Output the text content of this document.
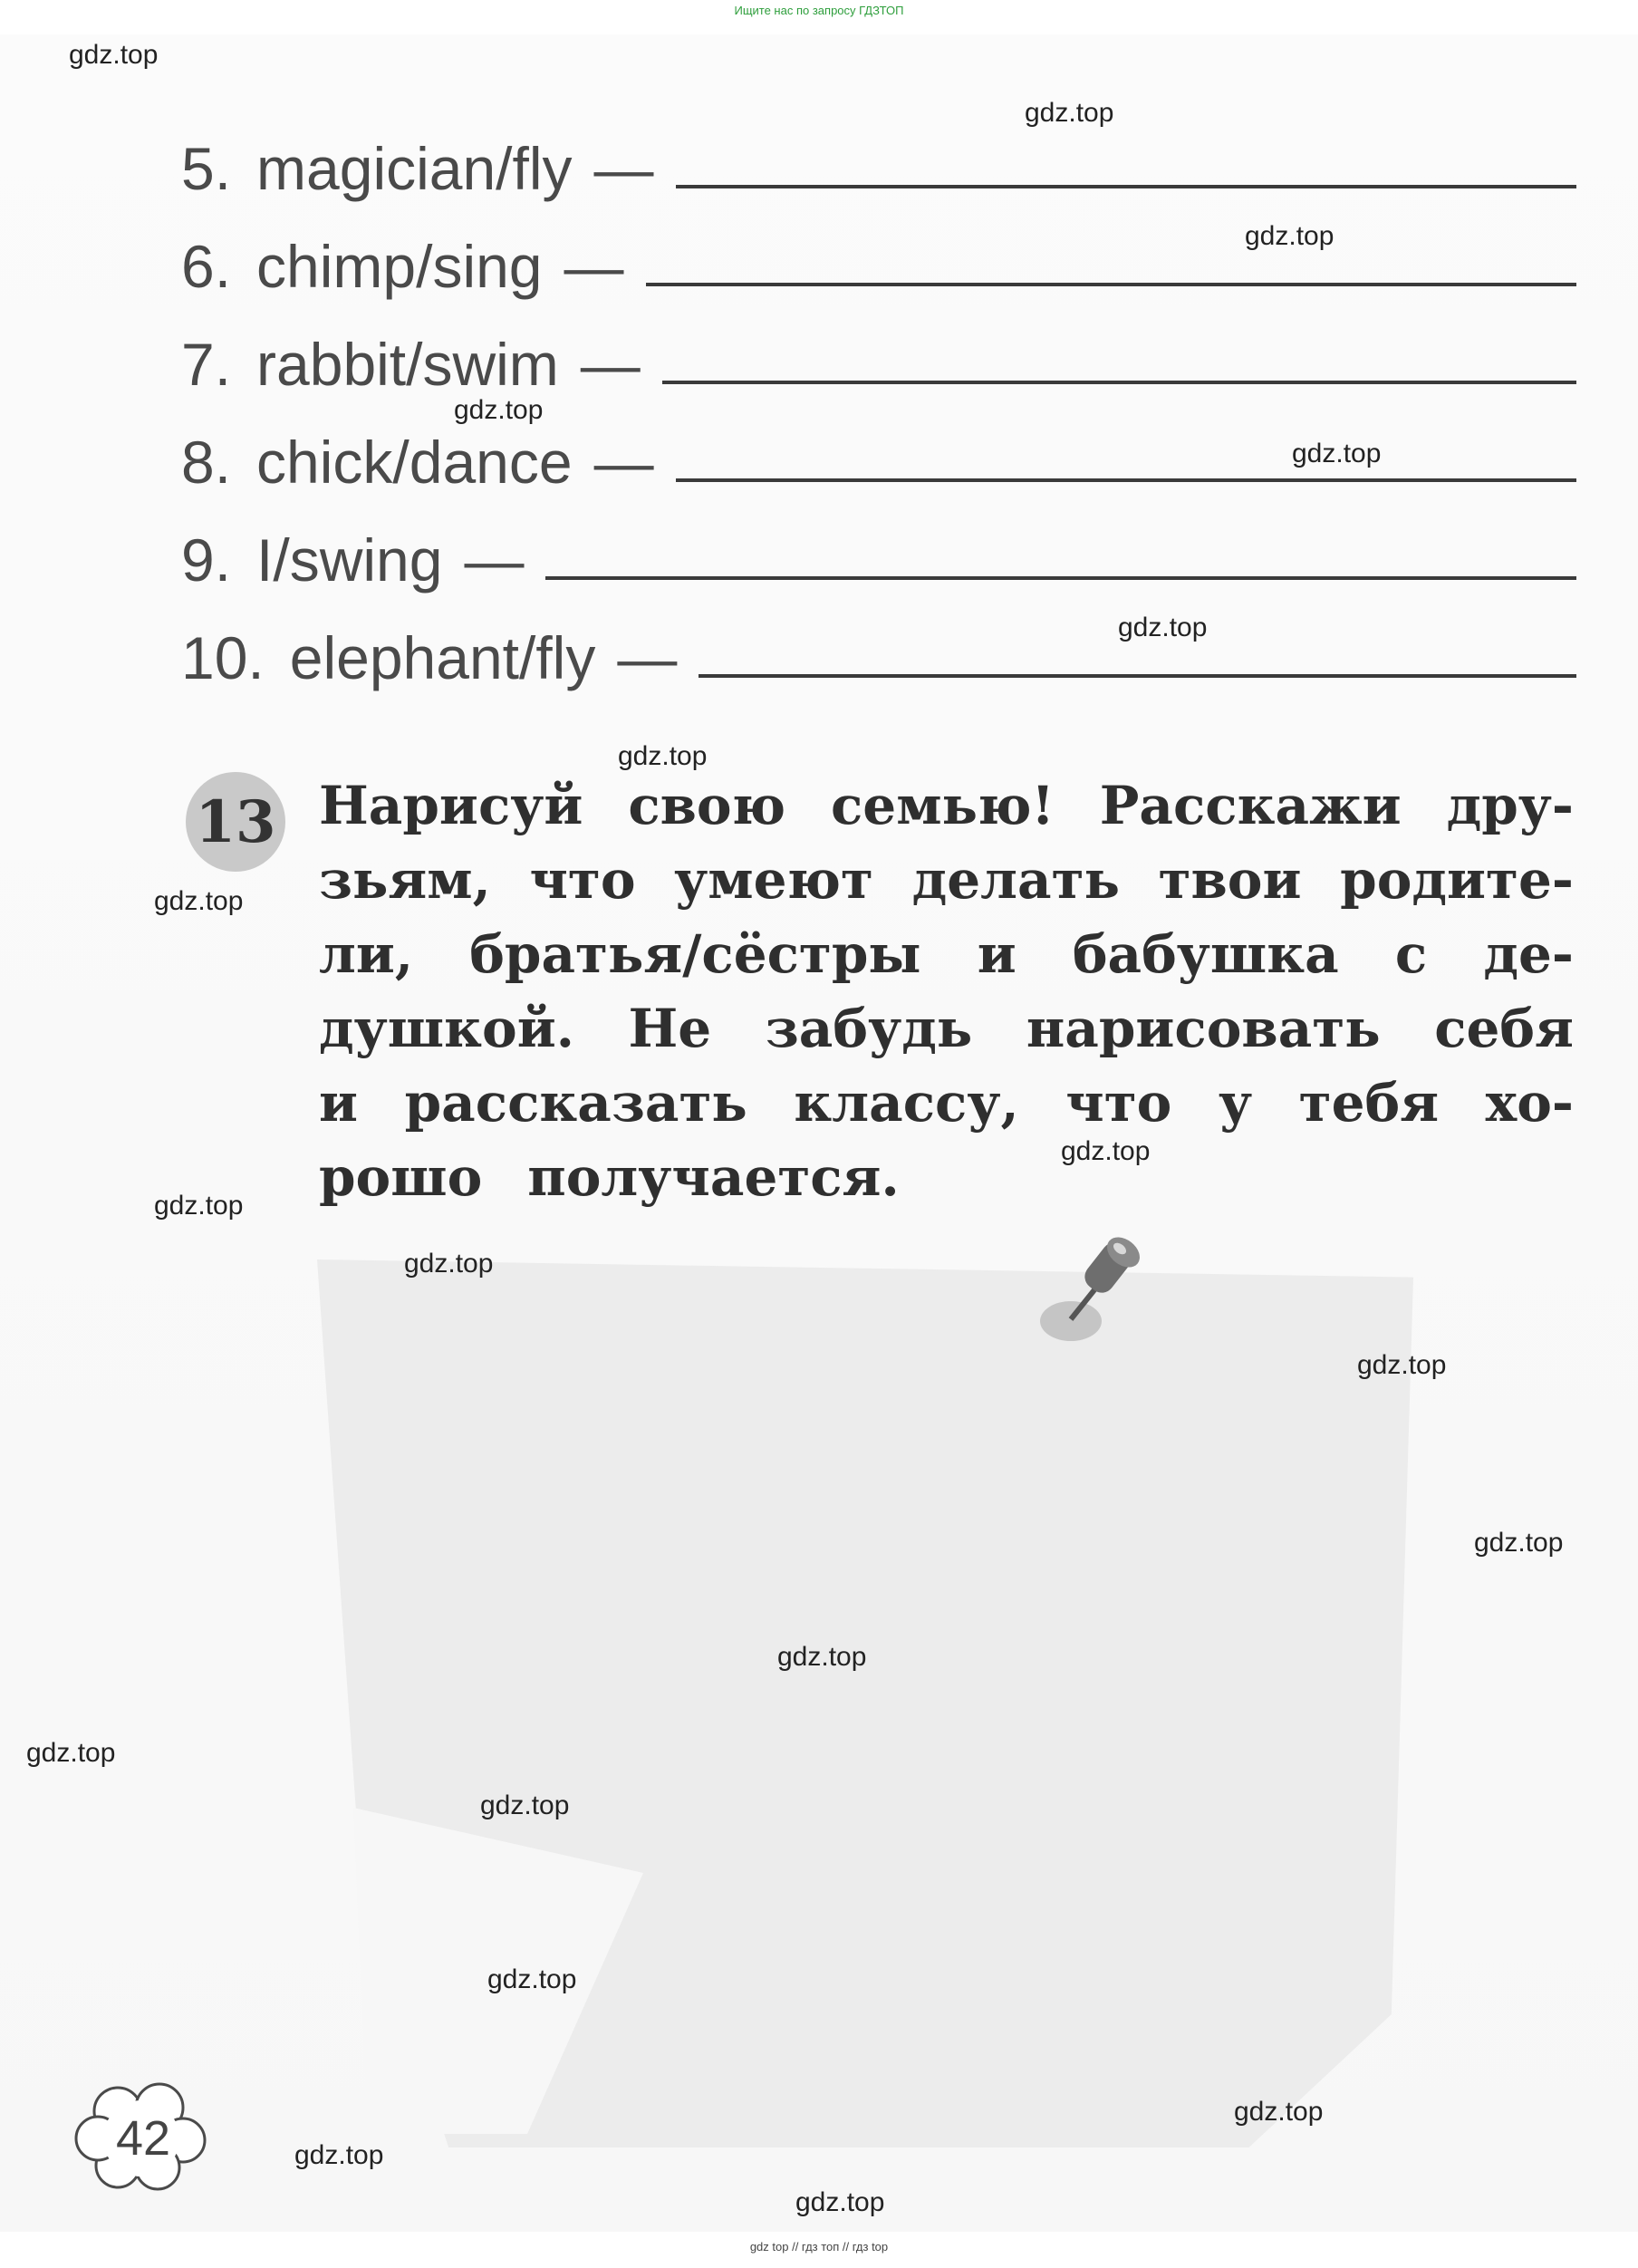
Ищите нас по запросу ГДЗТОП
5. magician/fly —
6. chimp/sing —
7. rabbit/swim —
8. chick/dance —
9. I/swing —
10. elephant/fly —
13 Нарисуй свою семью! Расскажи дру-
зьям, что умеют делать твои родите-
ли, братья/сёстры и бабушка с де-
душкой. Не забудь нарисовать себя
и рассказать классу, что у тебя хо-
рошо получается.
42
gdz.top
gdz.top
gdz.top
gdz.top
gdz.top
gdz.top
gdz.top
gdz.top
gdz.top
gdz.top
gdz.top
gdz.top
gdz.top
gdz.top
gdz.top
gdz.top
gdz.top
gdz.top
gdz.top
gdz.top
gdz top // гдз топ // гдз top
